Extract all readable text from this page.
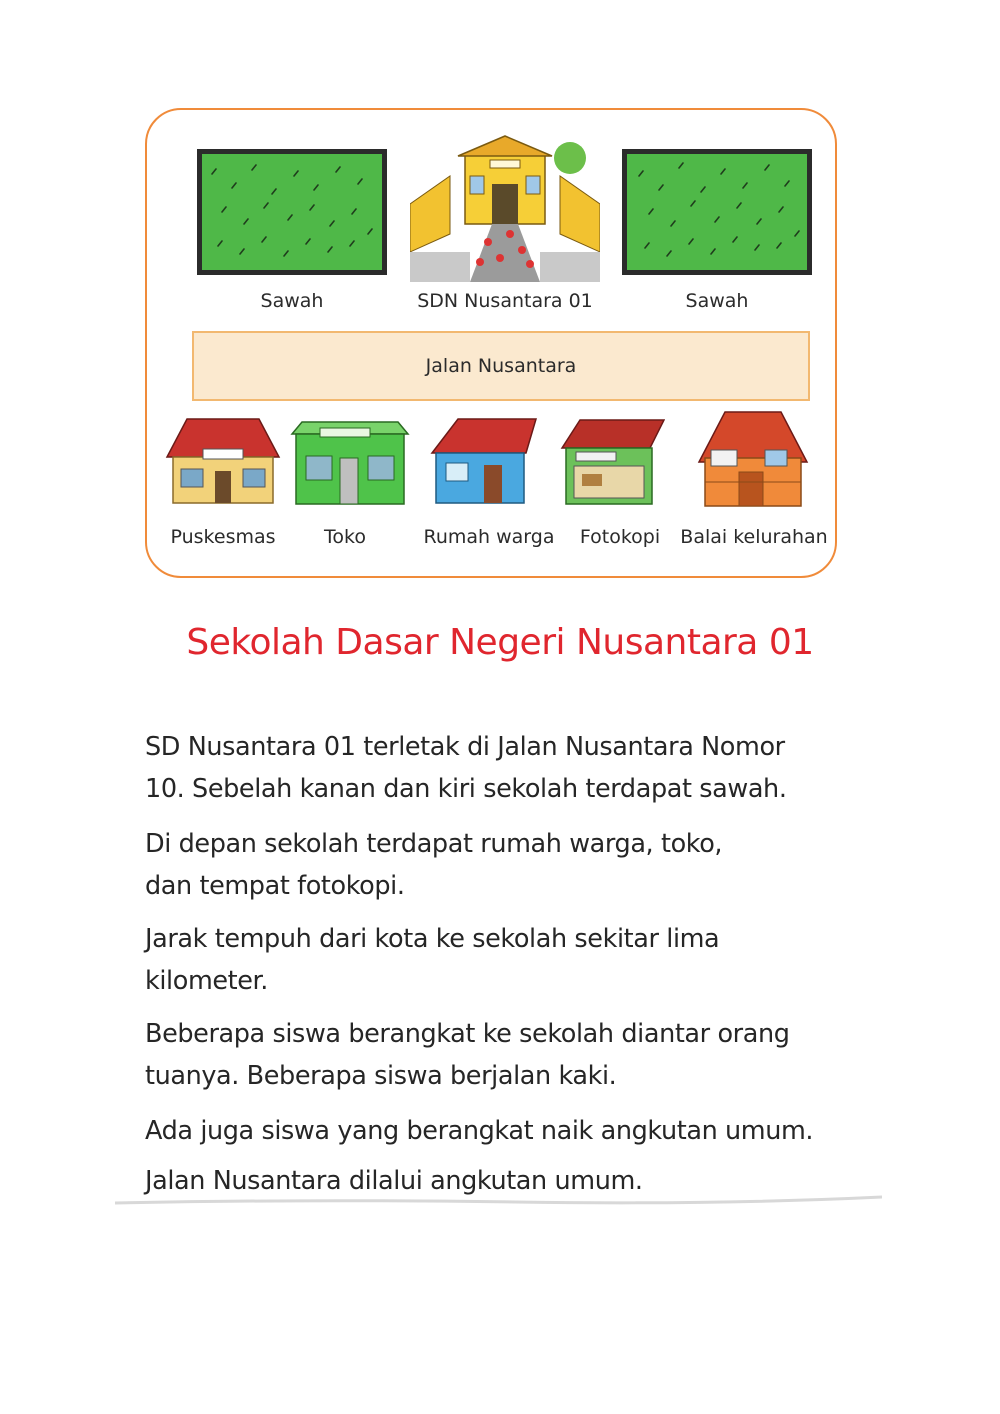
Sawah	SDN Nusantara 01	Sawah
Jalan Nusantara
Puskesmas	Toko	Rumah warga	Fotokopi	Balai kelurahan
Sekolah Dasar Negeri Nusantara 01

SD Nusantara 01 terletak di Jalan Nusantara Nomor
10. Sebelah kanan dan kiri sekolah terdapat sawah.

Di depan sekolah terdapat rumah warga, toko,
dan tempat fotokopi.

Jarak tempuh dari kota ke sekolah sekitar lima
kilometer.

Beberapa siswa berangkat ke sekolah diantar orang
tuanya. Beberapa siswa berjalan kaki.

Ada juga siswa yang berangkat naik angkutan umum.

Jalan Nusantara dilalui angkutan umum.
